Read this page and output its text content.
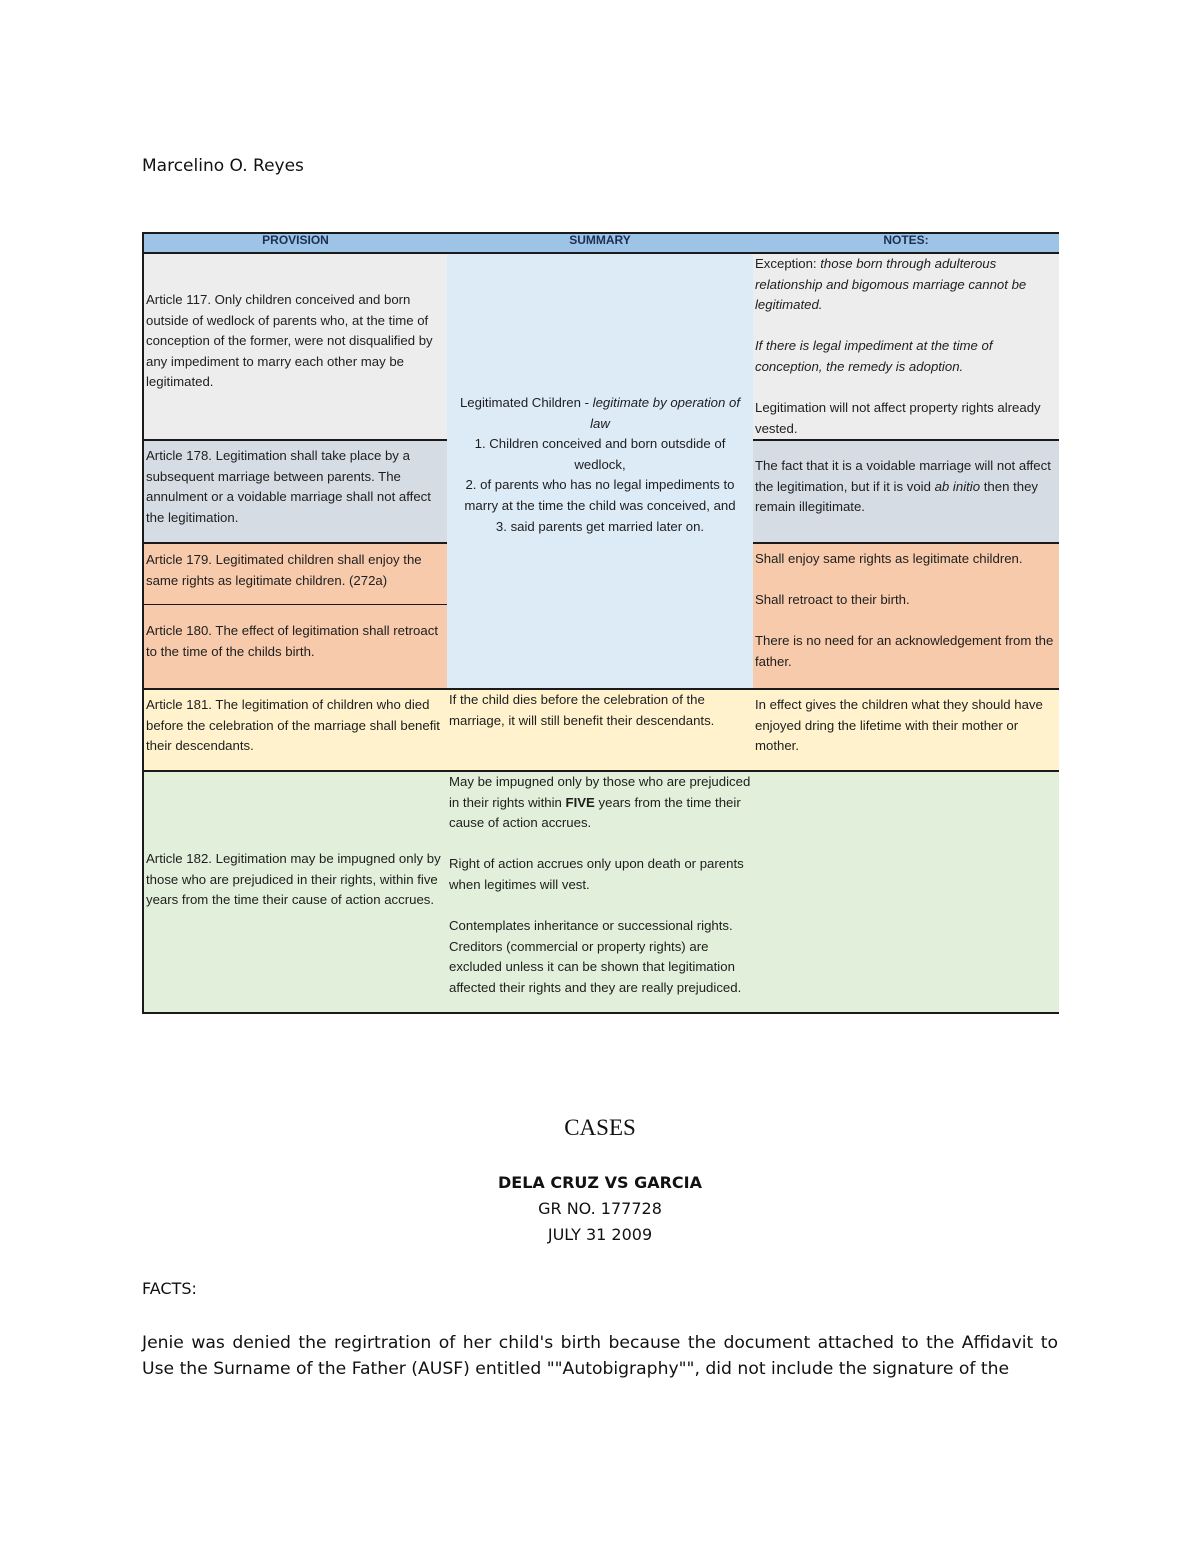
Marcelino O. Reyes
PROVISION	SUMMARY	NOTES:
Article 117. Only children conceived and born outside of wedlock of parents who, at the time of conception of the former, were not disqualified by any impediment to marry each other may be legitimated.
Article 178. Legitimation shall take place by a subsequent marriage between parents. The annulment or a voidable marriage shall not affect the legitimation.
Article 179. Legitimated children shall enjoy the same rights as legitimate children. (272a)
Article 180. The effect of legitimation shall retroact to the time of the childs birth.
Article 181. The legitimation of children who died before the celebration of the marriage shall benefit their descendants.
Article 182. Legitimation may be impugned only by those who are prejudiced in their rights, within five years from the time their cause of action accrues.
Legitimated Children - legitimate by operation of law
1. Children conceived and born outsdide of wedlock,
2. of parents who has no legal impediments to marry at the time the child was conceived, and
3. said parents get married later on.
If the child dies before the celebration of the marriage, it will still benefit their descendants.
May be impugned only by those who are prejudiced in their rights within FIVE years from the time their cause of action accrues.
Right of action accrues only upon death or parents when legitimes will vest.
Contemplates inheritance or successional rights. Creditors (commercial or property rights) are excluded unless it can be shown that legitimation affected their rights and they are really prejudiced.
Exception: those born through adulterous relationship and bigomous marriage cannot be legitimated.
If there is legal impediment at the time of conception, the remedy is adoption.
Legitimation will not affect property rights already vested.
The fact that it is a voidable marriage will not affect the legitimation, but if it is void ab initio then they remain illegitimate.
Shall enjoy same rights as legitimate children.
Shall retroact to their birth.
There is no need for an acknowledgement from the father.
In effect gives the children what they should have enjoyed dring the lifetime with their mother or mother.
CASES
DELA CRUZ VS GARCIA
GR NO. 177728
JULY 31 2009
FACTS:
Jenie was denied the regirtration of her child's birth because the document attached to the Affidavit to Use the Surname of the Father (AUSF) entitled ""Autobigraphy"", did not include the signature of the
